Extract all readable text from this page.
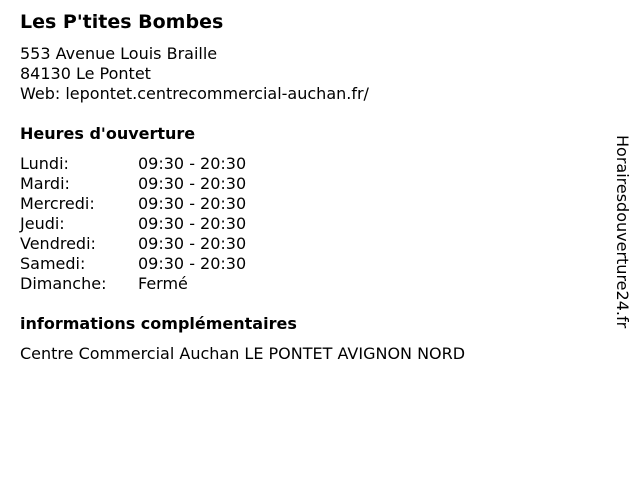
Les P'tites Bombes
553 Avenue Louis Braille
84130 Le Pontet
Web: lepontet.centrecommercial-auchan.fr/
Heures d'ouverture
Lundi:	09:30 - 20:30
Mardi:	09:30 - 20:30
Mercredi:	09:30 - 20:30
Jeudi:	09:30 - 20:30
Vendredi:	09:30 - 20:30
Samedi:	09:30 - 20:30
Dimanche:	Fermé
informations complémentaires
Centre Commercial Auchan LE PONTET AVIGNON NORD
Horairesdouverture24.fr
